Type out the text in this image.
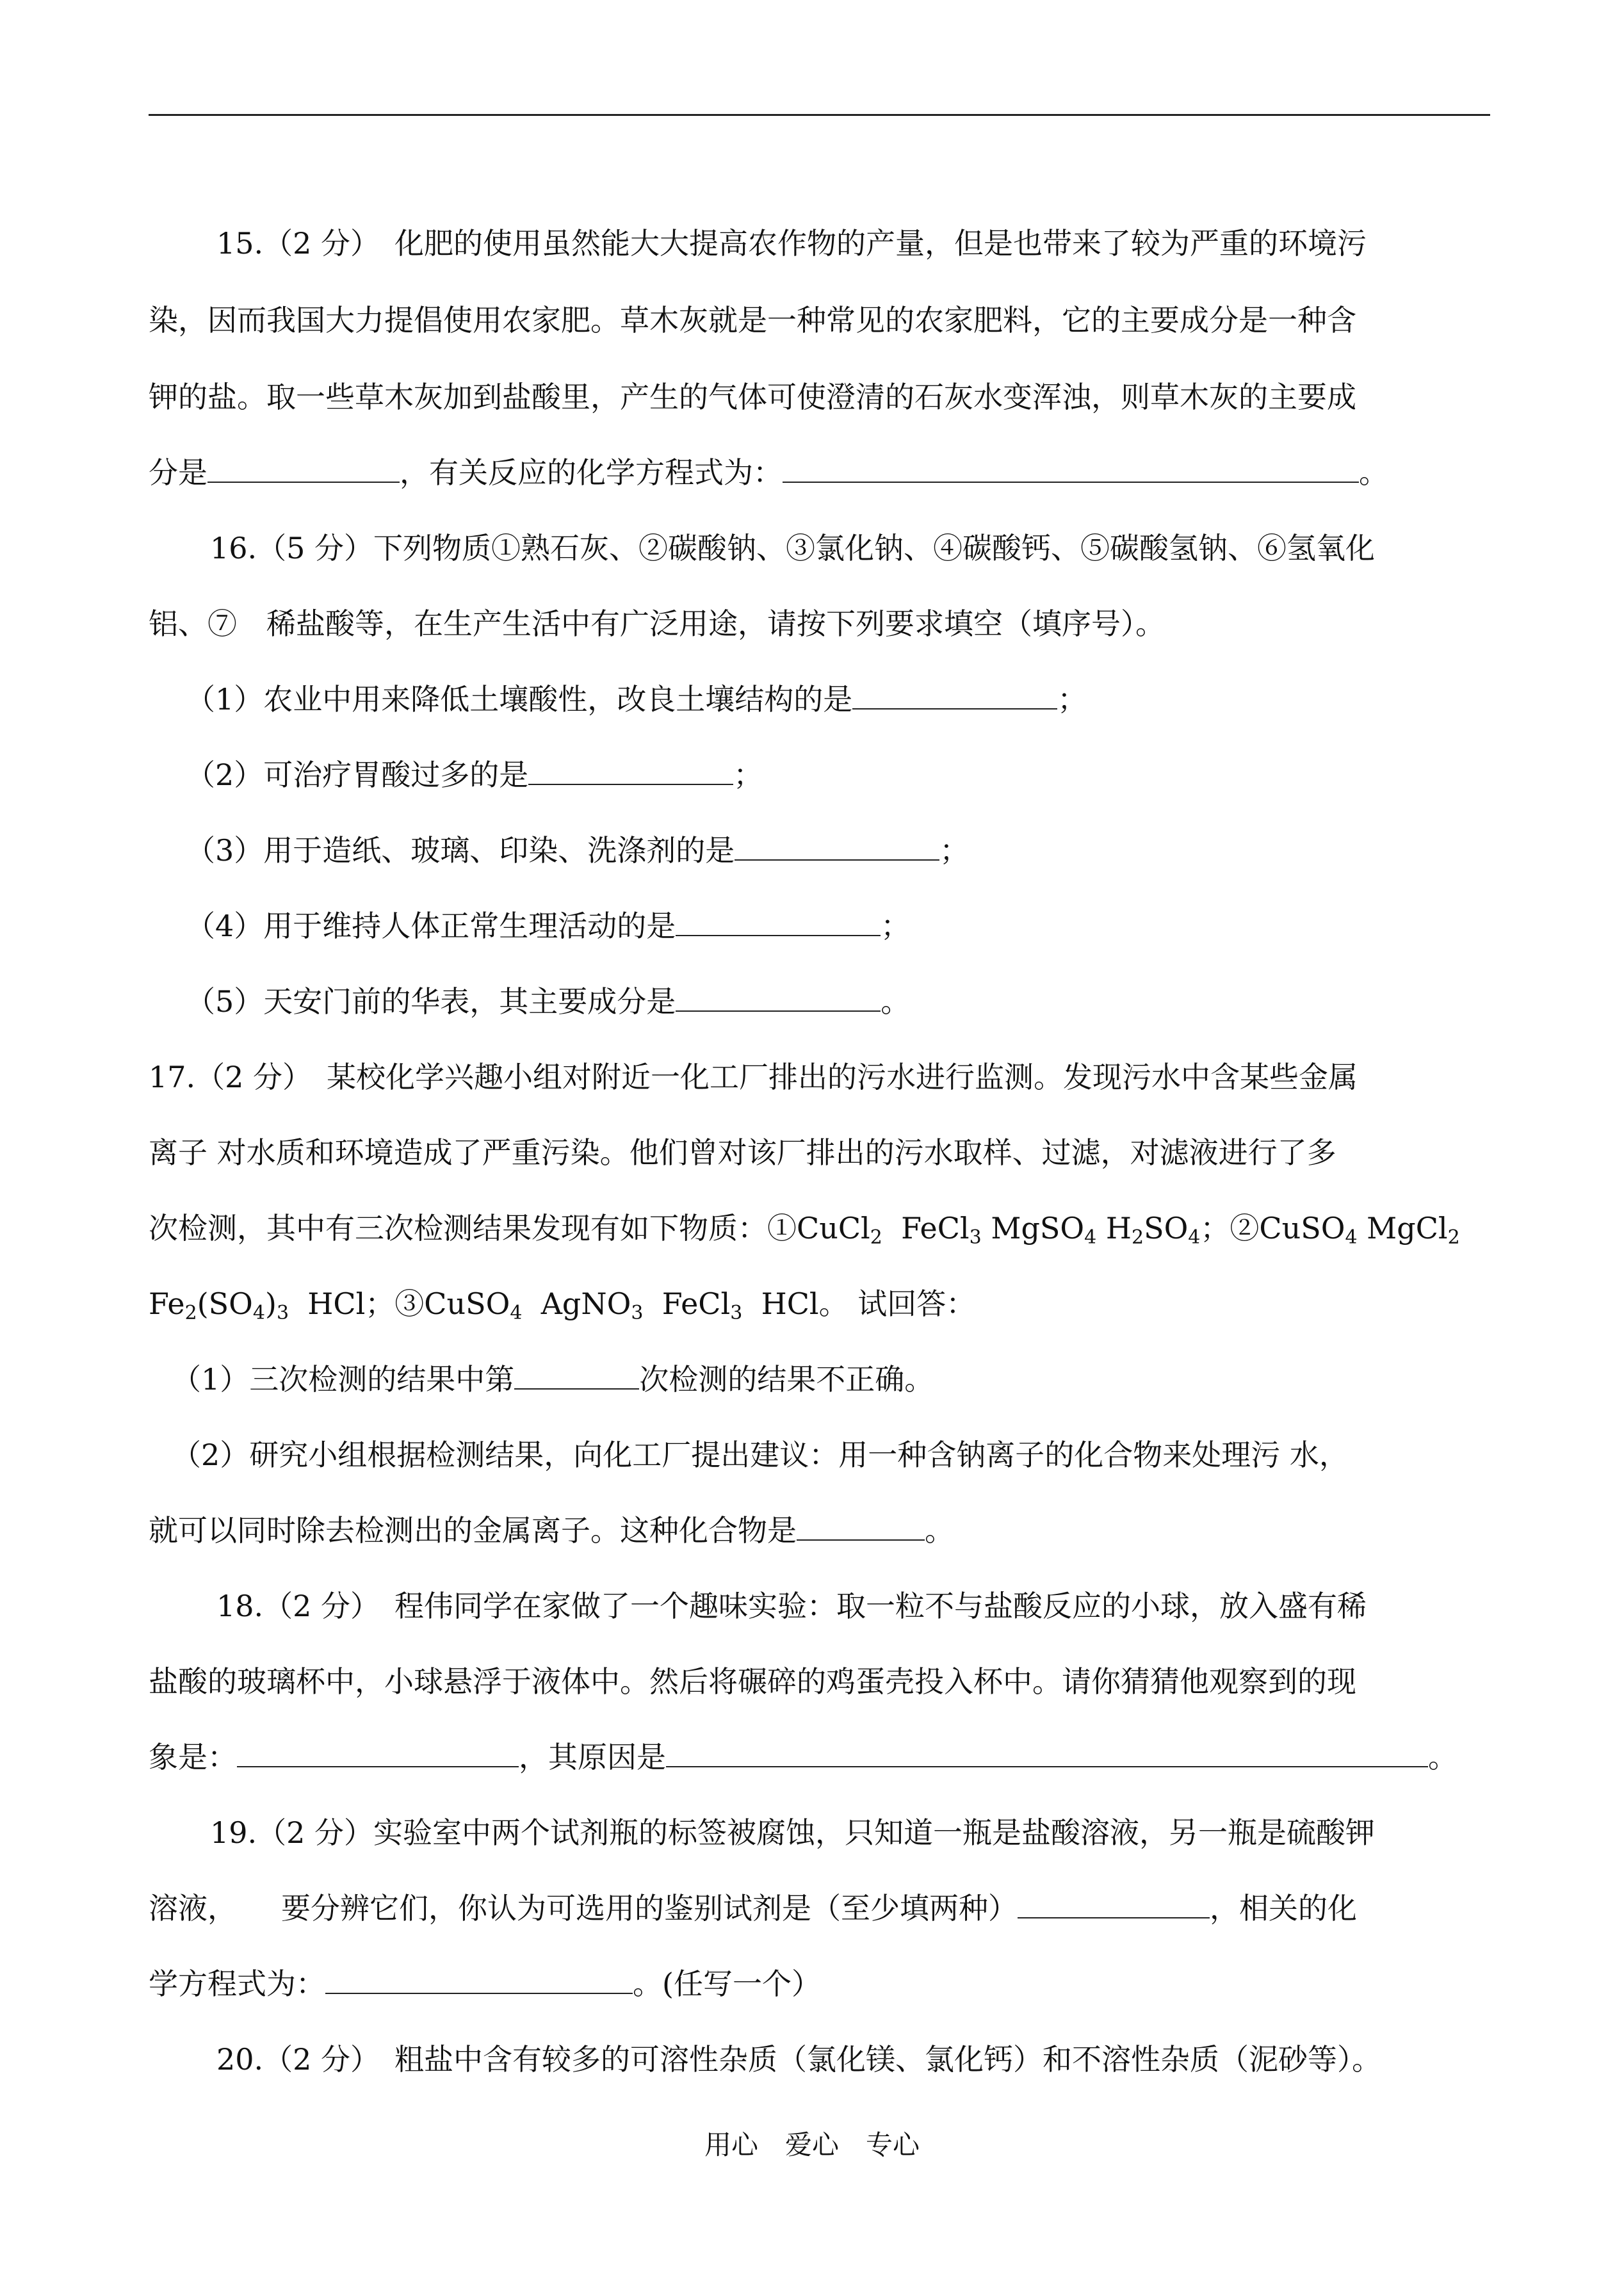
15.（2 分）　化肥的使用虽然能大大提高农作物的产量，但是也带来了较为严重的环境污
染，因而我国大力提倡使用农家肥。草木灰就是一种常见的农家肥料，它的主要成分是一种含
钾的盐。取一些草木灰加到盐酸里，产生的气体可使澄清的石灰水变浑浊，则草木灰的主要成
分是	，有关反应的化学方程式为：	。
16.（5 分）下列物质①熟石灰、②碳酸钠、③氯化钠、④碳酸钙、⑤碳酸氢钠、⑥氢氧化
铝、⑦　稀盐酸等，在生产生活中有广泛用途，请按下列要求填空（填序号）。
（1）农业中用来降低土壤酸性，改良土壤结构的是	；
（2）可治疗胃酸过多的是	；
（3）用于造纸、玻璃、印染、洗涤剂的是	；
（4）用于维持人体正常生理活动的是	；
（5）天安门前的华表，其主要成分是	。
17.（2 分）　某校化学兴趣小组对附近一化工厂排出的污水进行监测。发现污水中含某些金属
离子 对水质和环境造成了严重污染。他们曾对该厂排出的污水取样、过滤，对滤液进行了多
次检测，其中有三次检测结果发现有如下物质：①CuCl$_2$ FeCl$_3$ MgSO$_4$ $H_2SO_4$；②CuSO$_4$ MgCl$_2$
$Fe_2(SO_4)_3$ HCl；③CuSO$_4$ AgNO$_3$ FeCl$_3$ HCl。 试回答：
（1）三次检测的结果中第	次检测的结果不正确。
（2）研究小组根据检测结果，向化工厂提出建议：用一种含钠离子的化合物来处理污 水，
就可以同时除去检测出的金属离子。这种化合物是	。
18.（2 分）　程伟同学在家做了一个趣味实验：取一粒不与盐酸反应的小球，放入盛有稀
盐酸的玻璃杯中，小球悬浮于液体中。然后将碾碎的鸡蛋壳投入杯中。请你猜猜他观察到的现
象是：	，其原因是	。
19.（2 分）实验室中两个试剂瓶的标签被腐蚀，只知道一瓶是盐酸溶液，另一瓶是硫酸钾
溶液，　　要分辨它们，你认为可选用的鉴别试剂是（至少填两种）	，相关的化
学方程式为：	。(任写一个）
20.（2 分）　粗盐中含有较多的可溶性杂质（氯化镁、氯化钙）和不溶性杂质（泥砂等）。
用心　爱心　专心
